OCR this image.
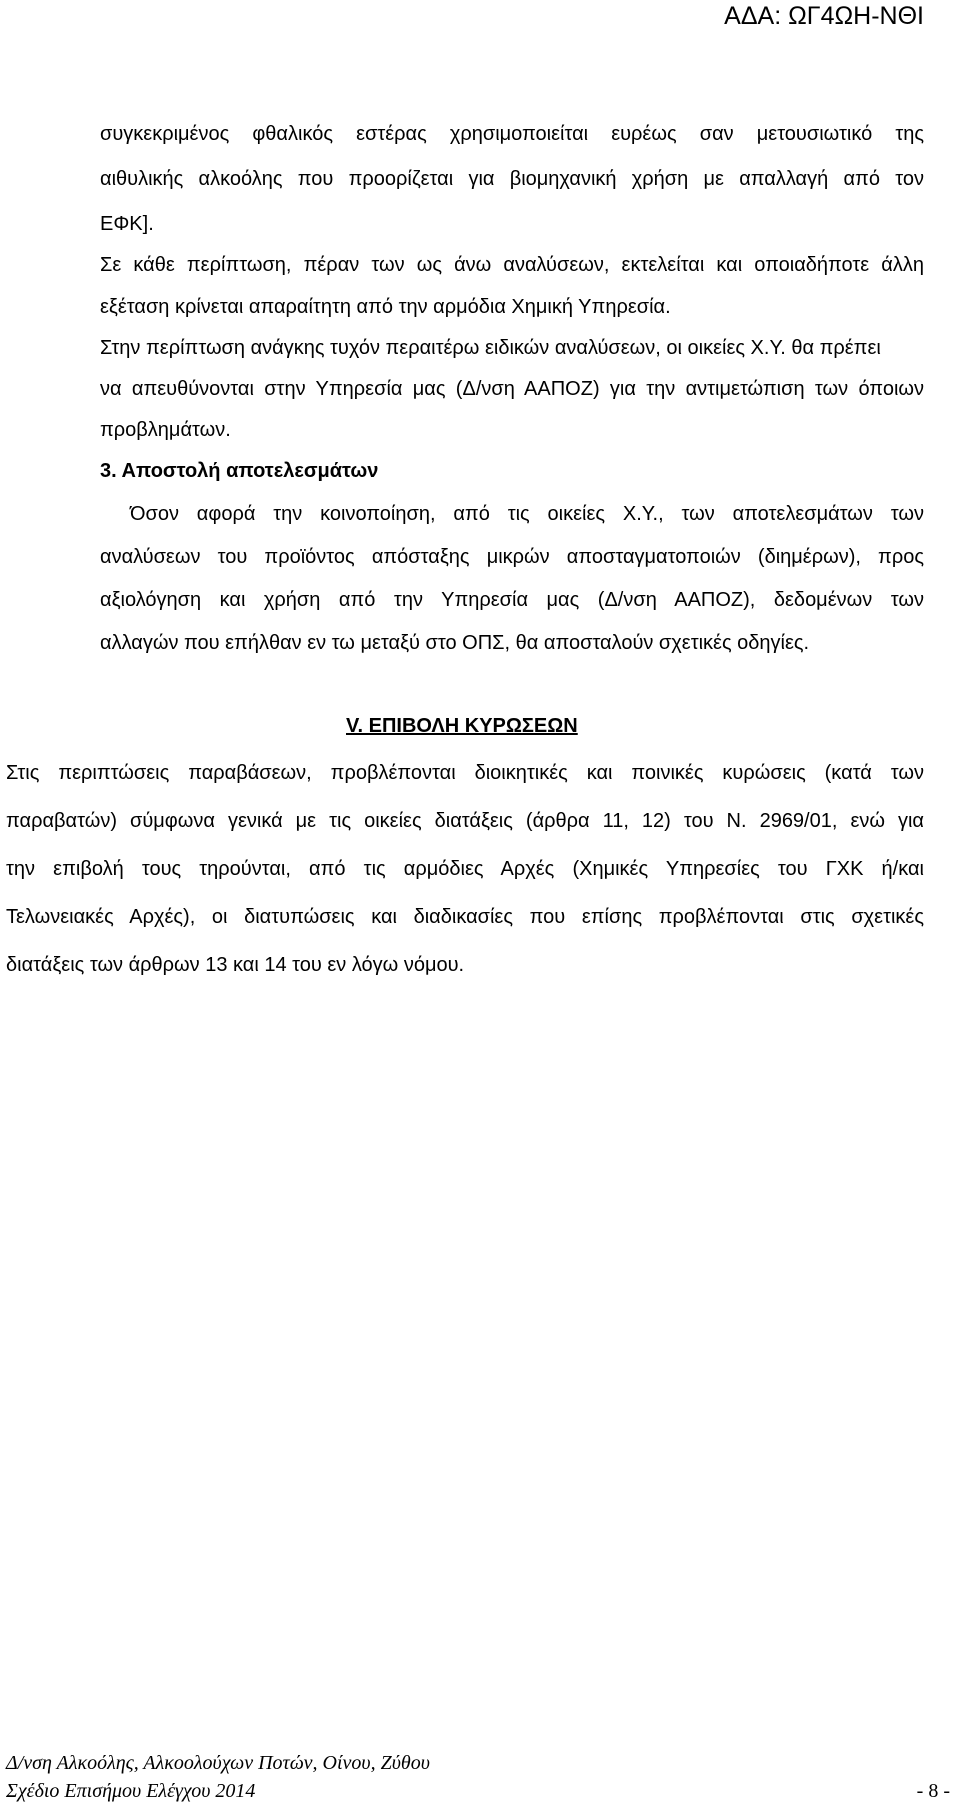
ΑΔΑ: ΩΓ4ΩΗ-ΝΘΙ
συγκεκριμένος φθαλικός εστέρας χρησιμοποιείται ευρέως σαν μετουσιωτικό της
αιθυλικής αλκοόλης που προορίζεται για βιομηχανική χρήση με απαλλαγή από τον
ΕΦΚ].
Σε κάθε περίπτωση, πέραν των ως άνω αναλύσεων, εκτελείται και οποιαδήποτε άλλη
εξέταση κρίνεται απαραίτητη από την αρμόδια Χημική Υπηρεσία.
Στην περίπτωση ανάγκης τυχόν περαιτέρω ειδικών αναλύσεων, οι οικείες Χ.Υ. θα πρέπει
να απευθύνονται στην Υπηρεσία μας (Δ/νση ΑΑΠΟΖ) για την αντιμετώπιση των όποιων
προβλημάτων.
3. Αποστολή αποτελεσμάτων
Όσον αφορά την κοινοποίηση, από τις οικείες Χ.Υ., των αποτελεσμάτων των
αναλύσεων του προϊόντος απόσταξης μικρών αποσταγματοποιών (διημέρων), προς
αξιολόγηση και χρήση από την Υπηρεσία μας (Δ/νση ΑΑΠΟΖ), δεδομένων των
αλλαγών που επήλθαν εν τω μεταξύ στο ΟΠΣ, θα αποσταλούν σχετικές οδηγίες.
V. ΕΠΙΒΟΛΗ ΚΥΡΩΣΕΩΝ
Στις περιπτώσεις παραβάσεων, προβλέπονται διοικητικές και ποινικές κυρώσεις (κατά των
παραβατών) σύμφωνα γενικά με τις οικείες διατάξεις (άρθρα 11, 12) του Ν. 2969/01, ενώ για
την επιβολή τους τηρούνται, από τις αρμόδιες Αρχές (Χημικές Υπηρεσίες του ΓΧΚ ή/και
Τελωνειακές Αρχές), οι διατυπώσεις και διαδικασίες που επίσης προβλέπονται στις σχετικές
διατάξεις των άρθρων 13 και 14 του εν λόγω νόμου.
Δ/νση Αλκοόλης, Αλκοολούχων Ποτών, Οίνου, Ζύθου
Σχέδιο Επισήμου Ελέγχου 2014	- 8 -
